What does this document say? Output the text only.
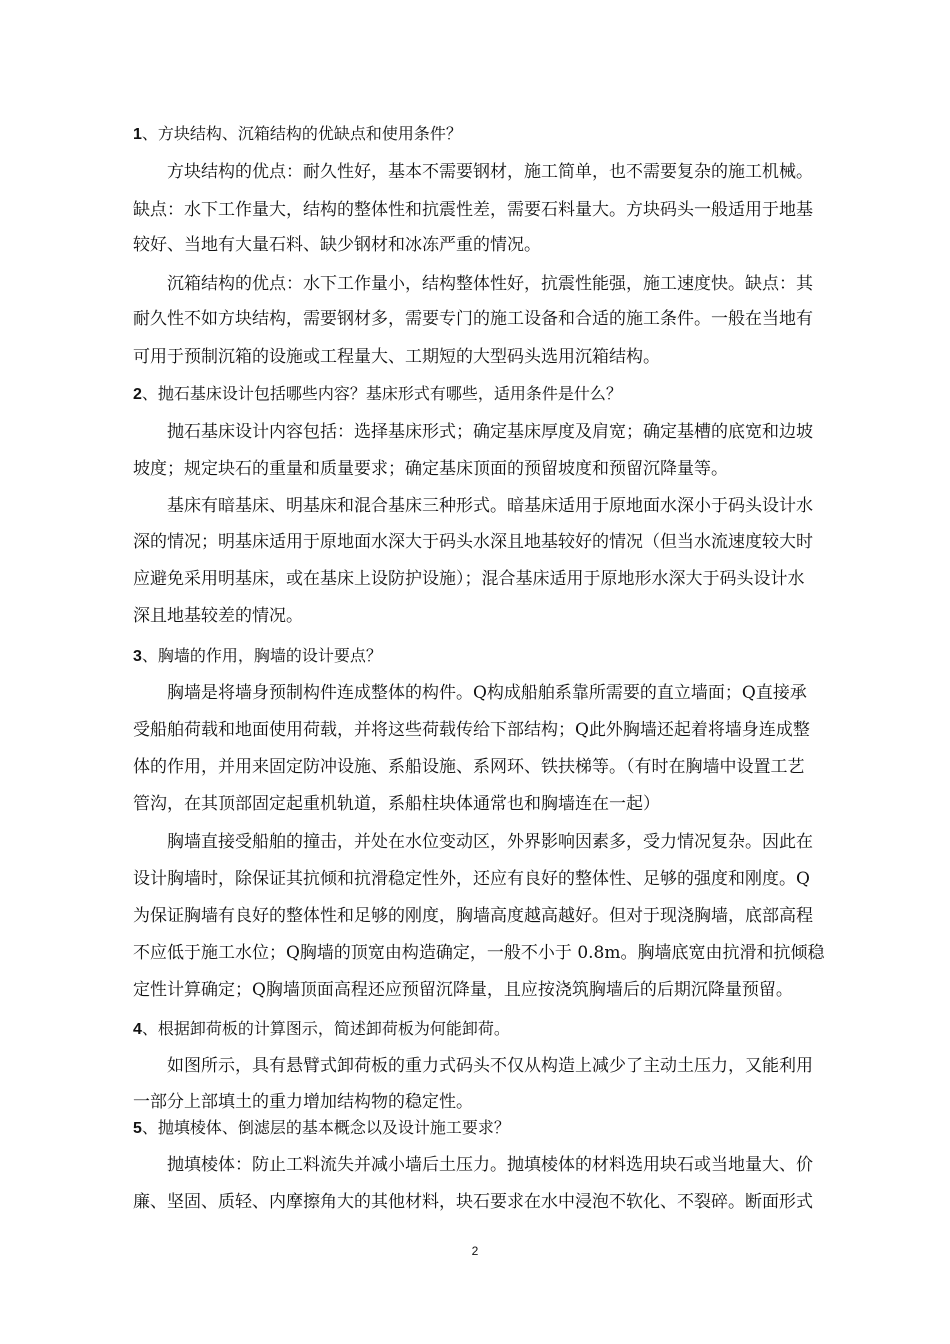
1、方块结构、沉箱结构的优缺点和使用条件？
方块结构的优点：耐久性好，基本不需要钢材，施工简单，也不需要复杂的施工机械。
缺点：水下工作量大，结构的整体性和抗震性差，需要石料量大。方块码头一般适用于地基
较好、当地有大量石料、缺少钢材和冰冻严重的情况。
沉箱结构的优点：水下工作量小，结构整体性好，抗震性能强，施工速度快。缺点：其
耐久性不如方块结构，需要钢材多，需要专门的施工设备和合适的施工条件。一般在当地有
可用于预制沉箱的设施或工程量大、工期短的大型码头选用沉箱结构。
2、抛石基床设计包括哪些内容？基床形式有哪些，适用条件是什么？
抛石基床设计内容包括：选择基床形式；确定基床厚度及肩宽；确定基槽的底宽和边坡
坡度；规定块石的重量和质量要求；确定基床顶面的预留坡度和预留沉降量等。
基床有暗基床、明基床和混合基床三种形式。暗基床适用于原地面水深小于码头设计水
深的情况；明基床适用于原地面水深大于码头水深且地基较好的情况（但当水流速度较大时
应避免采用明基床，或在基床上设防护设施）；混合基床适用于原地形水深大于码头设计水
深且地基较差的情况。
3、胸墙的作用，胸墙的设计要点？
胸墙是将墙身预制构件连成整体的构件。Q构成船舶系靠所需要的直立墙面；Q直接承
受船舶荷载和地面使用荷载，并将这些荷载传给下部结构；Q此外胸墙还起着将墙身连成整
体的作用，并用来固定防冲设施、系船设施、系网环、铁扶梯等。（有时在胸墙中设置工艺
管沟，在其顶部固定起重机轨道，系船柱块体通常也和胸墙连在一起）
胸墙直接受船舶的撞击，并处在水位变动区，外界影响因素多，受力情况复杂。因此在
设计胸墙时，除保证其抗倾和抗滑稳定性外，还应有良好的整体性、足够的强度和刚度。Q
为保证胸墙有良好的整体性和足够的刚度，胸墙高度越高越好。但对于现浇胸墙，底部高程
不应低于施工水位；Q胸墙的顶宽由构造确定，一般不小于 0.8m。胸墙底宽由抗滑和抗倾稳
定性计算确定；Q胸墙顶面高程还应预留沉降量，且应按浇筑胸墙后的后期沉降量预留。
4、根据卸荷板的计算图示，简述卸荷板为何能卸荷。
如图所示，具有悬臂式卸荷板的重力式码头不仅从构造上减少了主动土压力，又能利用
一部分上部填土的重力增加结构物的稳定性。
5、抛填棱体、倒滤层的基本概念以及设计施工要求？
抛填棱体：防止工料流失并减小墙后土压力。抛填棱体的材料选用块石或当地量大、价
廉、坚固、质轻、内摩擦角大的其他材料，块石要求在水中浸泡不软化、不裂碎。断面形式
2
